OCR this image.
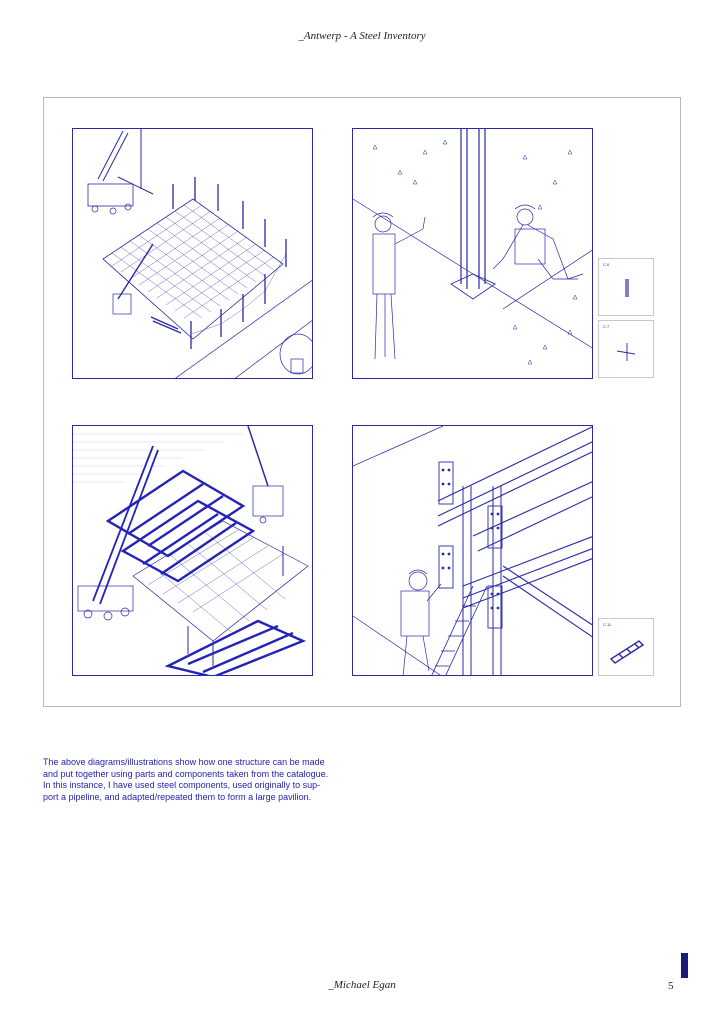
_Antwerp - A Steel Inventory
C.6
C.7
C.11

The above diagrams/illustrations show how one structure can be made

and put together using parts and components taken from the catalogue.

In this instance, I have used steel components, used originally to sup-

port a pipeline, and adapted/repeated them to form a large pavilion.

_Michael Egan	5
